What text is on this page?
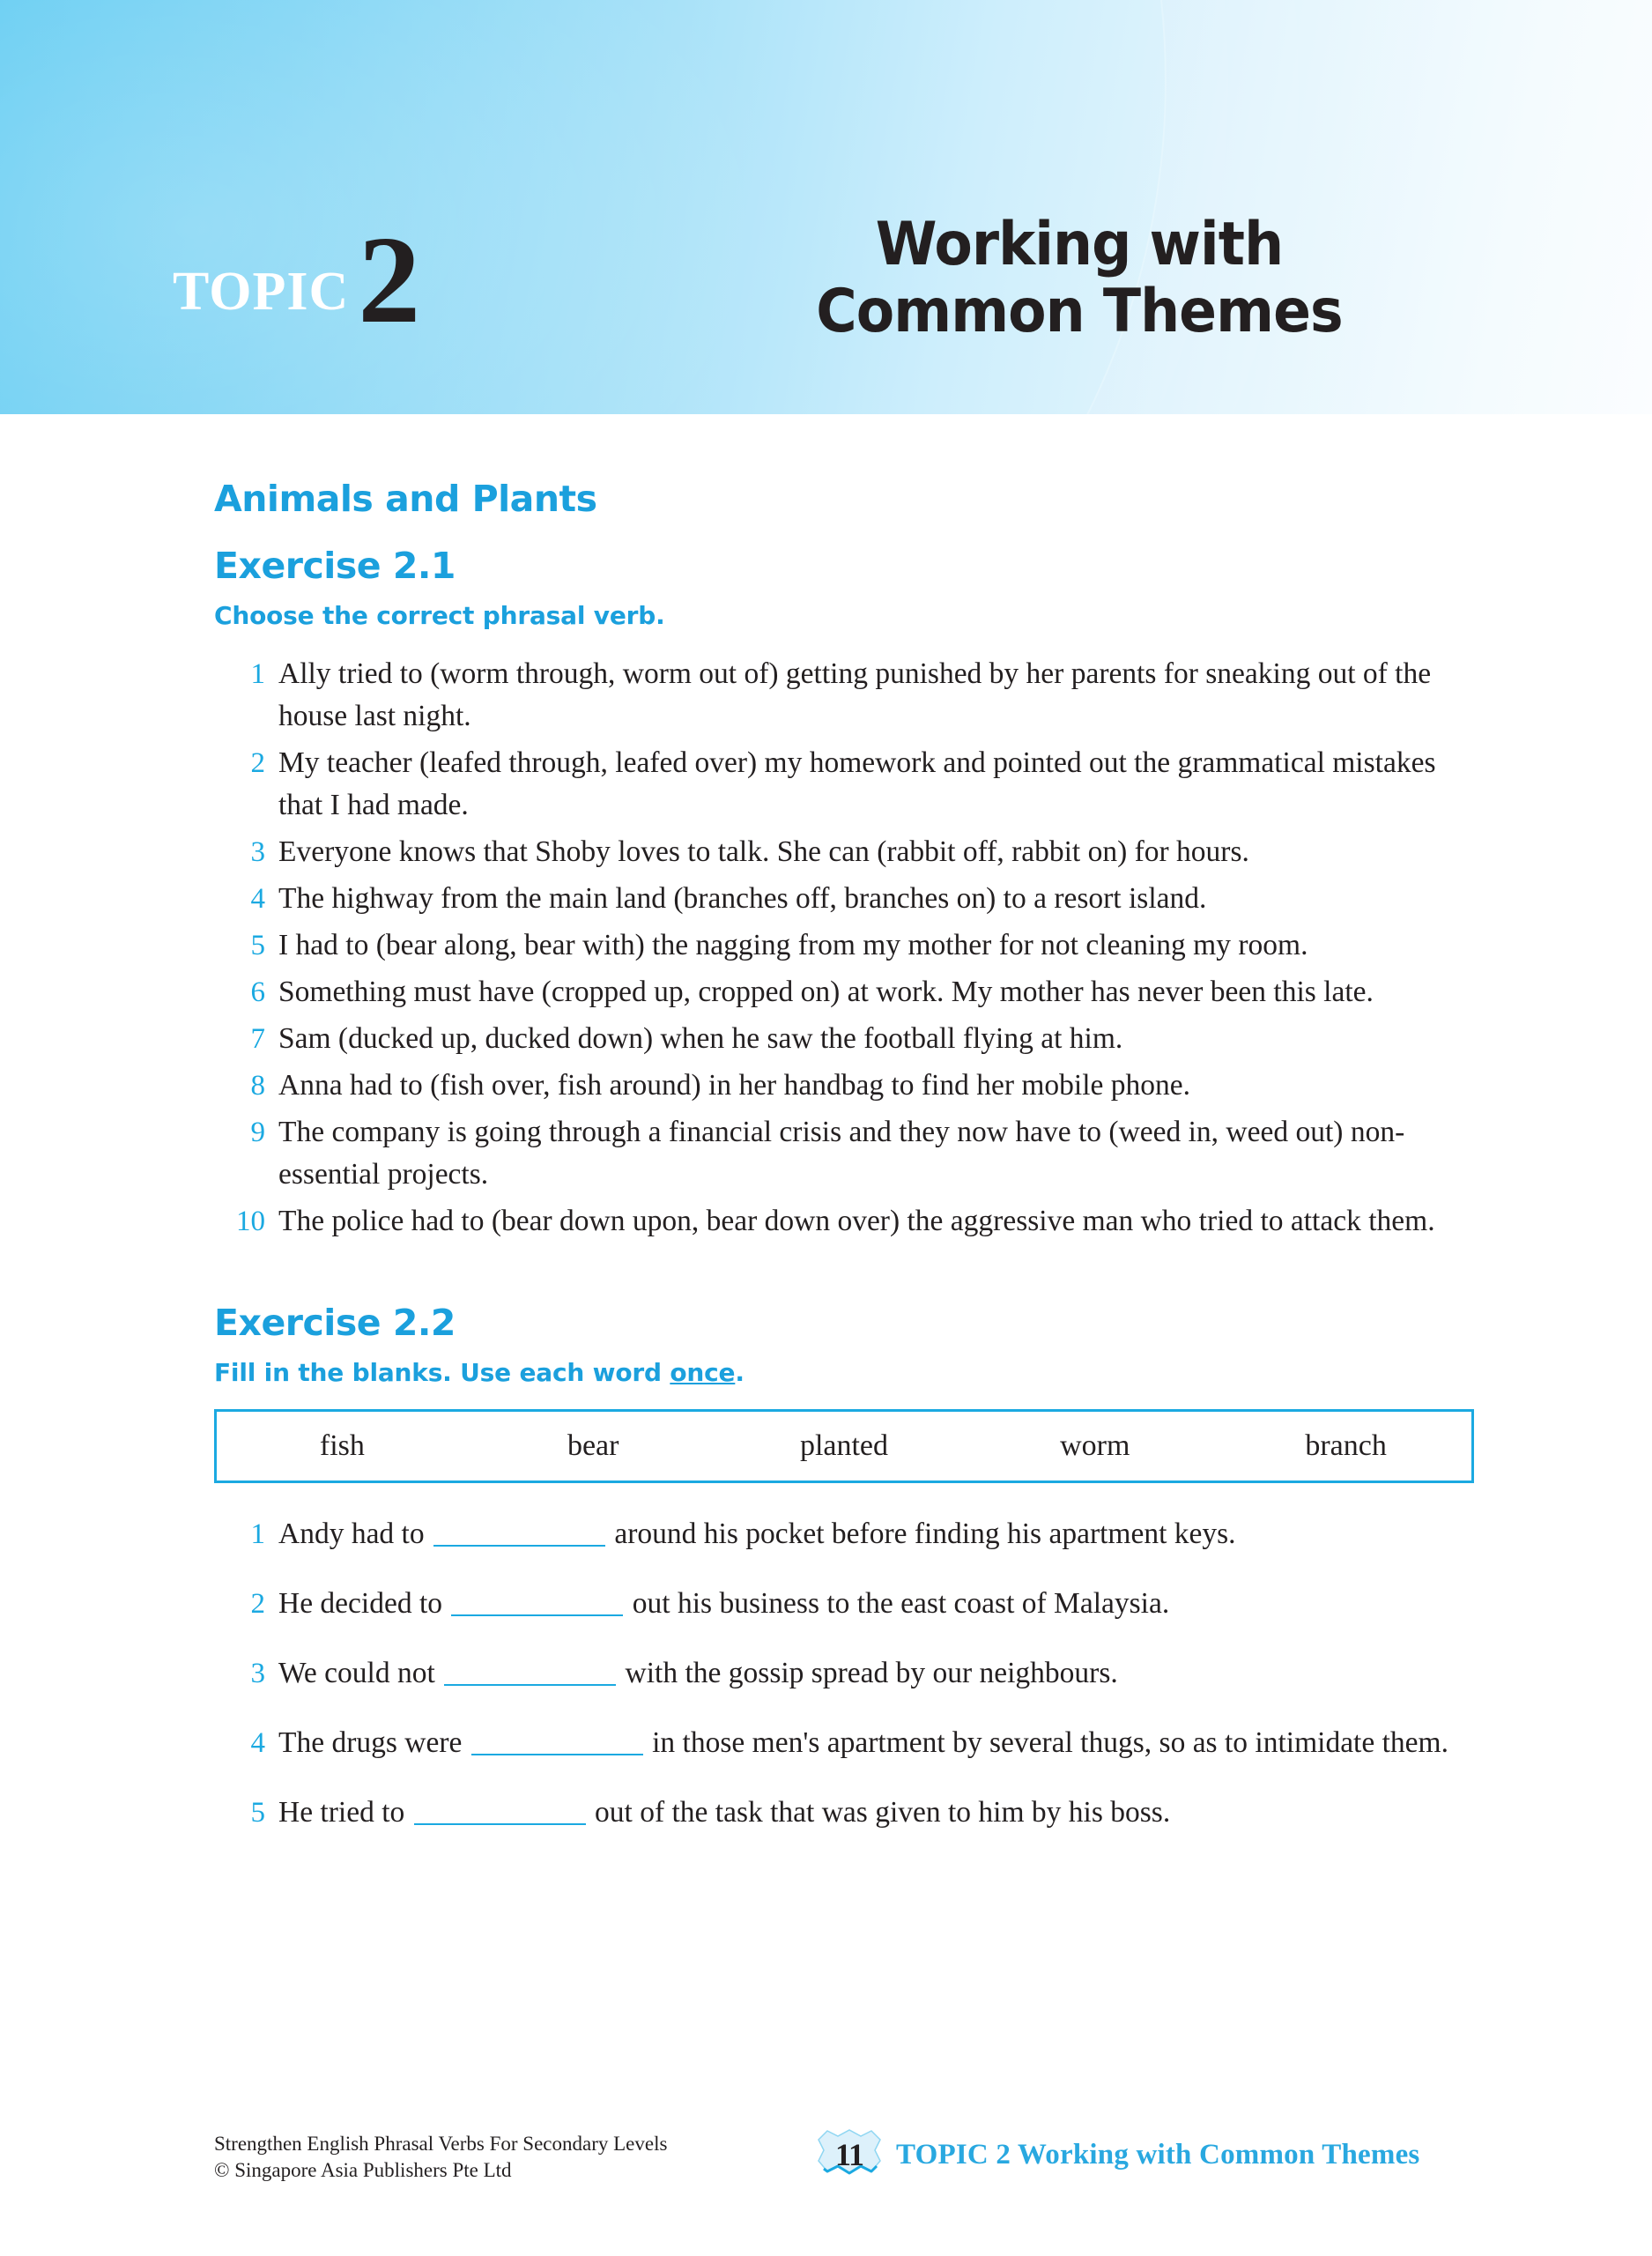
TOPIC 2	Working with
Common Themes
Animals and Plants
Exercise 2.1

Choose the correct phrasal verb.

1 Ally tried to (worm through, worm out of) getting punished by her parents for sneaking out of the house last night.
2 My teacher (leafed through, leafed over) my homework and pointed out the grammatical mistakes that I had made.
3 Everyone knows that Shoby loves to talk. She can (rabbit off, rabbit on) for hours.
4 The highway from the main land (branches off, branches on) to a resort island.
5 I had to (bear along, bear with) the nagging from my mother for not cleaning my room.
6 Something must have (cropped up, cropped on) at work. My mother has never been this late.
7 Sam (ducked up, ducked down) when he saw the football flying at him.
8 Anna had to (fish over, fish around) in her handbag to find her mobile phone.
9 The company is going through a financial crisis and they now have to (weed in, weed out) non-essential projects.
10 The police had to (bear down upon, bear down over) the aggressive man who tried to attack them.
Exercise 2.2

Fill in the blanks. Use each word once.

fish	bear	planted	worm	branch
1 Andy had to	around his pocket before finding his apartment keys.
2 He decided to	out his business to the east coast of Malaysia.
3 We could not	with the gossip spread by our neighbours.
4 The drugs were	in those men's apartment by several thugs, so as to intimidate them.
5 He tried to	out of the task that was given to him by his boss.
Strengthen English Phrasal Verbs For Secondary Levels
© Singapore Asia Publishers Pte Ltd	11 TOPIC 2 Working with Common Themes
